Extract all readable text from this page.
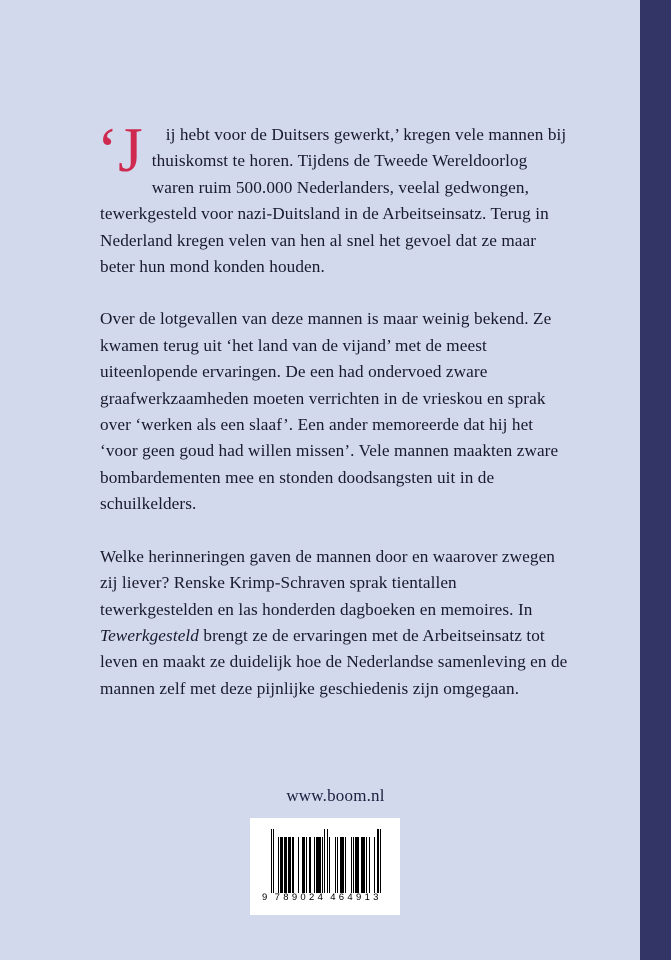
‘J ij hebt voor de Duitsers gewerkt,’ kregen vele mannen bij thuiskomst te horen. Tijdens de Tweede Wereldoorlog waren ruim 500.000 Nederlanders, veelal gedwongen, tewerkgesteld voor nazi-Duitsland in de Arbeitseinsatz. Terug in Nederland kregen velen van hen al snel het gevoel dat ze maar beter hun mond konden houden.

Over de lotgevallen van deze mannen is maar weinig bekend. Ze kwamen terug uit ‘het land van de vijand’ met de meest uiteenlopende ervaringen. De een had ondervoed zware graafwerkzaamheden moeten verrichten in de vrieskou en sprak over ‘werken als een slaaf’. Een ander memoreerde dat hij het ‘voor geen goud had willen missen’. Vele mannen maakten zware bombardementen mee en stonden doodsangsten uit in de schuilkelders.

Welke herinneringen gaven de mannen door en waarover zwegen zij liever? Renske Krimp-Schraven sprak tientallen tewerkgestelden en las honderden dagboeken en memoires. In Tewerkgesteld brengt ze de ervaringen met de Arbeitseinsatz tot leven en maakt ze duidelijk hoe de Nederlandse samenleving en de mannen zelf met deze pijnlijke geschiedenis zijn omgegaan.

www.boom.nl
9 7 8 9 0 2 4 4 6 4 9 1 3
